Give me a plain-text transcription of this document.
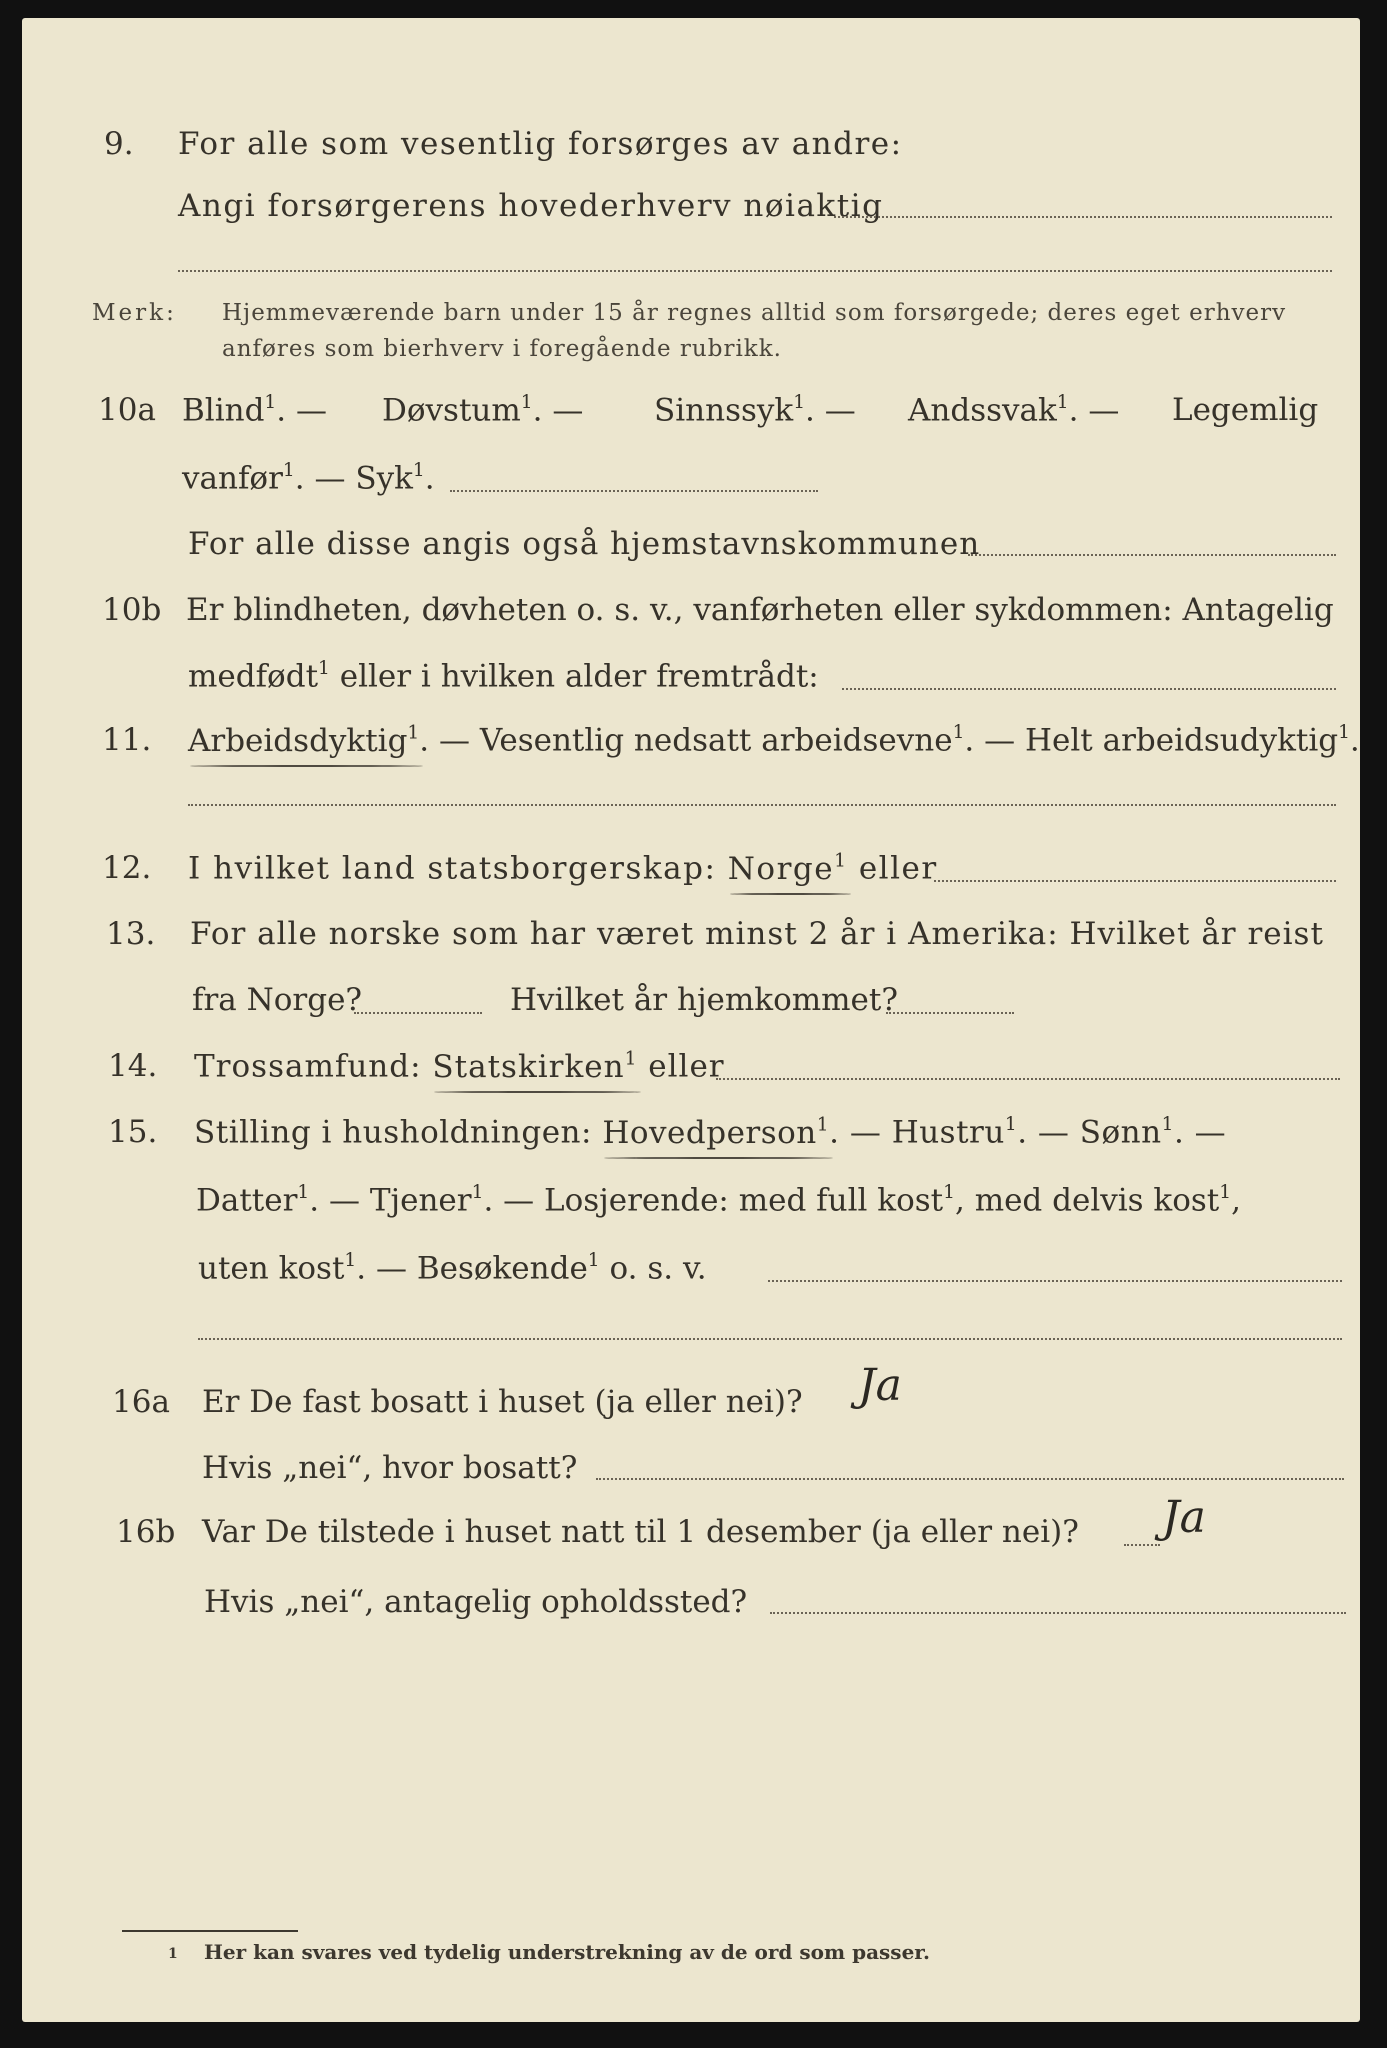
9. For alle som vesentlig forsørges av andre:
Angi forsørgerens hovederhverv nøiaktig
Merk: Hjemmeværende barn under 15 år regnes alltid som forsørgede; deres eget erhverv
anføres som bierhverv i foregående rubrikk.
10a Blind$^1$. — Døvstum$^1$. — Sinnssyk$^1$. — Andssvak$^1$. — Legemlig
vanfør$^1$. — Syk$^1$.
For alle disse angis også hjemstavnskommunen
10b Er blindheten, døvheten o. s. v., vanførheten eller sykdommen: Antagelig
medfødt$^1$ eller i hvilken alder fremtrådt:
11. Arbeidsdyktig$^1$. — Vesentlig nedsatt arbeidsevne$^1$. — Helt arbeidsudyktig$^1$.
12. I hvilket land statsborgerskap: Norge$^1$ eller
13. For alle norske som har været minst 2 år i Amerika: Hvilket år reist
fra Norge?	Hvilket år hjemkommet?
14. Trossamfund: Statskirken$^1$ eller
15. Stilling i husholdningen: Hovedperson$^1$. — Hustru$^1$. — Sønn$^1$. —
Datter$^1$. — Tjener$^1$. — Losjerende: med full kost$^1$, med delvis kost$^1$,
uten kost$^1$. — Besøkende$^1$ o. s. v.
16a Er De fast bosatt i huset (ja eller nei)? Ja
Hvis „nei“, hvor bosatt?
16b Var De tilstede i huset natt til 1 desember (ja eller nei)? Ja
Hvis „nei“, antagelig opholdssted?
1 Her kan svares ved tydelig understrekning av de ord som passer.
